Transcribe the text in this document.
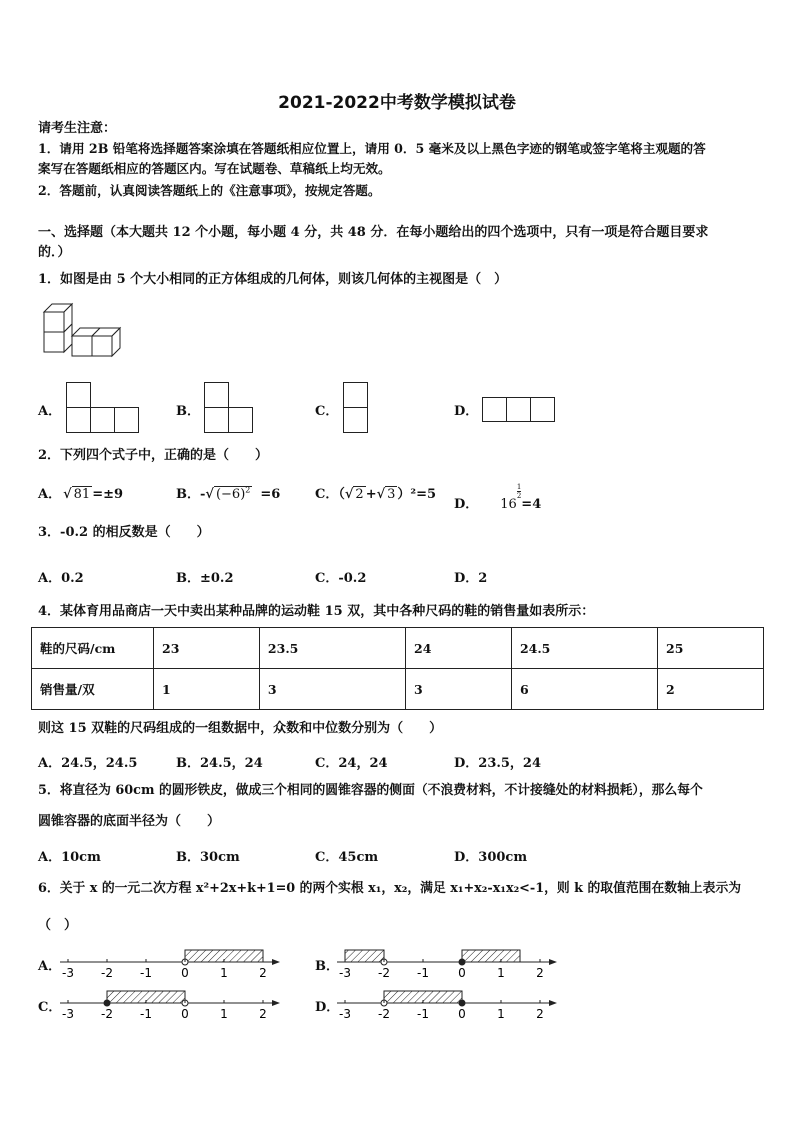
2021-2022中考数学模拟试卷
请考生注意：
1．请用 2B 铅笔将选择题答案涂填在答题纸相应位置上，请用 0．5 毫米及以上黑色字迹的钢笔或签字笔将主观题的答
案写在答题纸相应的答题区内。写在试题卷、草稿纸上均无效。
2．答题前，认真阅读答题纸上的《注意事项》，按规定答题。
一、选择题（本大题共 12 个小题，每小题 4 分，共 48 分．在每小题给出的四个选项中，只有一项是符合题目要求
的．）
1．如图是由 5 个大小相同的正方体组成的几何体，则该几何体的主视图是（　）
A．	B．	C．	D．
2．下列四个式子中，正确的是（　　）
A． √ 81 =±9	B．-√ $(-6)^2 =6$	C．（√ 2 +√ 3 ）²=5
D． 16
$\frac{1}{2}$
=4
3．-0.2 的相反数是（　　）
A．0.2	B．±0.2	C．-0.2	D．2
4．某体育用品商店一天中卖出某种品牌的运动鞋 15 双，其中各种尺码的鞋的销售量如表所示：
鞋的尺码/cm	23	23.5	24	24.5	25
销售量/双	1	3	3	6	2
则这 15 双鞋的尺码组成的一组数据中，众数和中位数分别为（　　）
A．24.5，24.5	B．24.5，24	C．24，24	D．23.5，24
5．将直径为 60cm 的圆形铁皮，做成三个相同的圆锥容器的侧面（不浪费材料，不计接缝处的材料损耗），那么每个
圆锥容器的底面半径为（　　）
A．10cm	B．30cm	C．45cm	D．300cm
6．关于 x 的一元二次方程 x²+2x+k+1=0 的两个实根 x₁，x₂，满足 x₁+x₂-x₁x₂<-1，则 k 的取值范围在数轴上表示为
（　）
A． -3 -2 -1 0	1	2	B． -3 -2 -1 0	1	2
C． -3 -2 -1 0	1	2	D． -3 -2 -1 0	1	2
